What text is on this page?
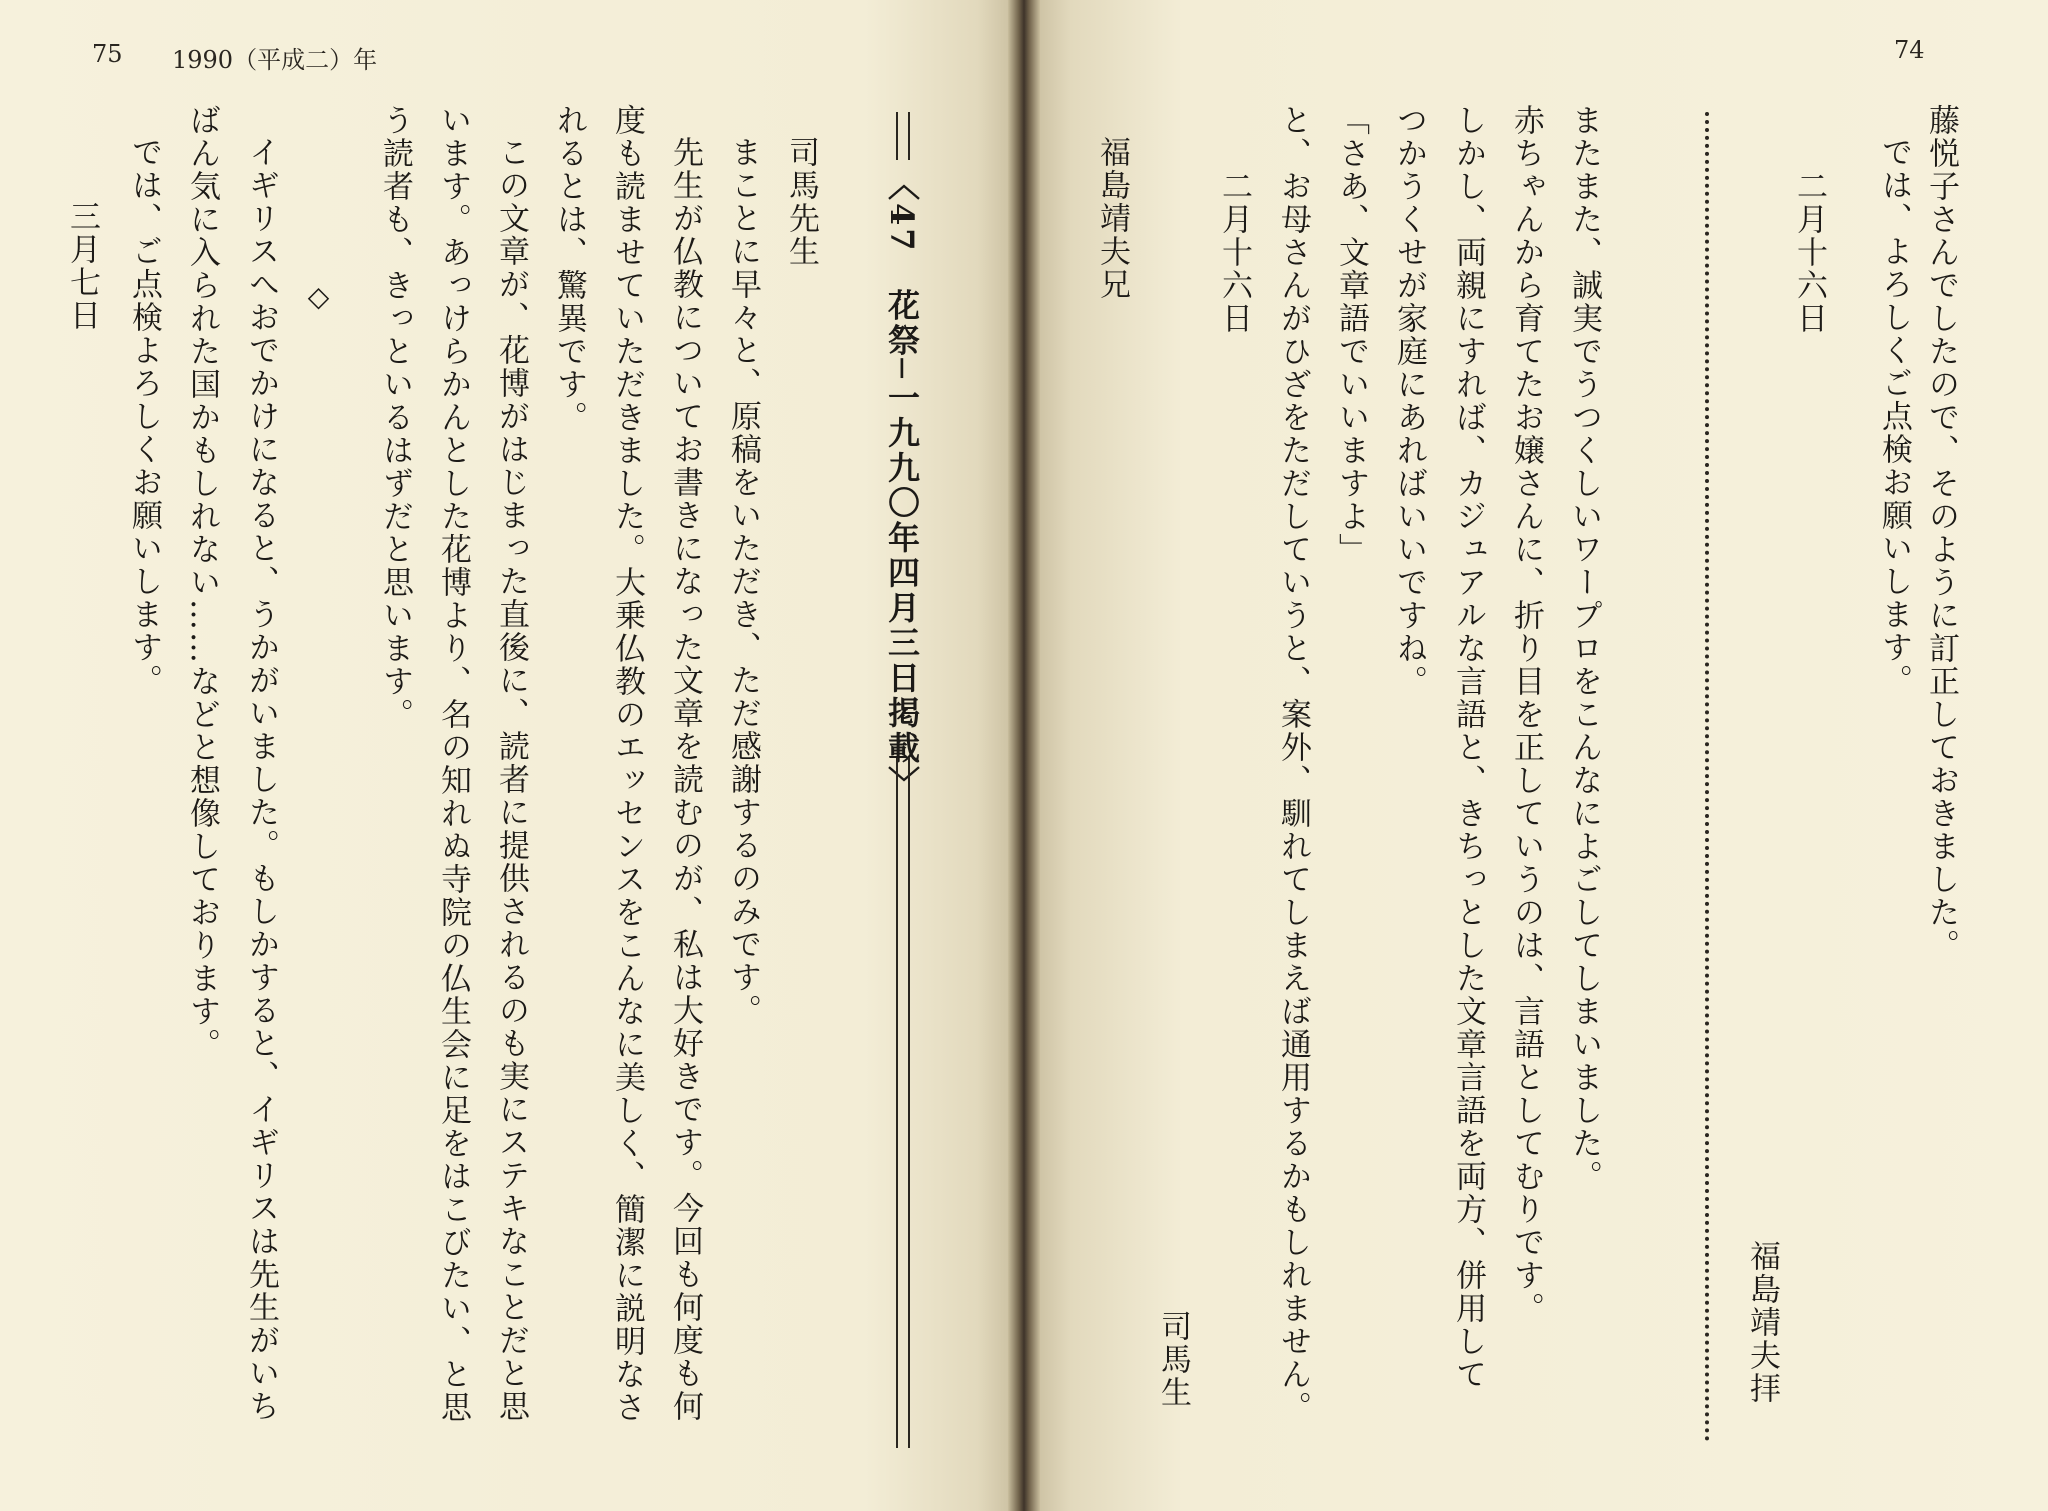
75 1990（平成二）年	74
藤悦子さんでしたので、そのように訂正しておきました。
では、よろしくご点検お願いします。
二月十六日
福島靖夫拝
またまた、誠実でうつくしいワープロをこんなによごしてしまいました。
赤ちゃんから育てたお嬢さんに、折り目を正していうのは、言語としてむりです。
しかし、両親にすれば、カジュアルな言語と、きちっとした文章言語を両方、併用して
つかうくせが家庭にあればいいですね。
「さあ、文章語でいいますよ」
と、お母さんがひざをただしていうと、案外、馴れてしまえば通用するかもしれません。
二月十六日
司馬生
福島靖夫兄
〈47　花祭─一九九〇年四月三日掲載〉
司馬先生
まことに早々と、原稿をいただき、ただ感謝するのみです。
先生が仏教についてお書きになった文章を読むのが、私は大好きです。今回も何度も何
度も読ませていただきました。大乗仏教のエッセンスをこんなに美しく、簡潔に説明なさ
れるとは、驚異です。
この文章が、花博がはじまった直後に、読者に提供されるのも実にステキなことだと思
います。あっけらかんとした花博より、名の知れぬ寺院の仏生会に足をはこびたい、と思
う読者も、きっといるはずだと思います。
◇
イギリスへおでかけになると、うかがいました。もしかすると、イギリスは先生がいち
ばん気に入られた国かもしれない……などと想像しております。
では、ご点検よろしくお願いします。
三月七日
